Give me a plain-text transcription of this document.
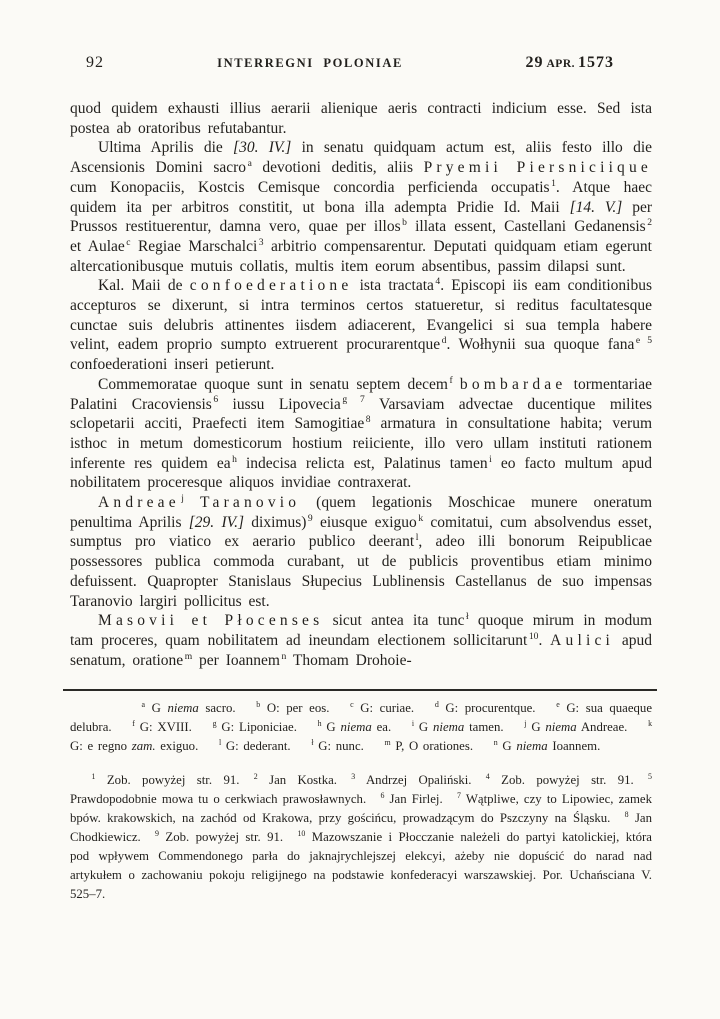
92	INTERREGNI POLONIAE	29 APR. 1573

quod quidem exhausti illius aerarii alienique aeris contracti indicium esse. Sed ista postea ab oratoribus refutabantur.

Ultima Aprilis die [30. IV.] in senatu quidquam actum est, aliis festo illo die Ascensionis Domini sacro $^a$ devotioni deditis, aliis Pryemii Piersniciique cum Konopaciis, Kostcis Cemisque concordia perficienda occupatis $^1$. Atque haec quidem ita per arbitros constitit, ut bona illa adempta Pridie Id. Maii [14. V.] per Prussos restituerentur, damna vero, quae per illos $^b$ illata essent, Castellani Gedanensis $^2$ et Aulae $^c$ Regiae Marschalci $^3$ arbitrio compensarentur. Deputati quidquam etiam egerunt altercationibusque mutuis collatis, multis item eorum absentibus, passim dilapsi sunt.

Kal. Maii de confoederatione ista tractata $^4$. Episcopi iis eam conditionibus accepturos se dixerunt, si intra terminos certos statueretur, si reditus facultatesque cunctae suis delubris attinentes iisdem adiacerent, Evangelici si sua templa habere velint, eadem proprio sumpto extruerent procurarentque $^d$. Wołhynii sua quoque fana $^{e 5}$ confoederationi inseri petierunt.

Commemoratae quoque sunt in senatu septem decem $^f$ bombardae tormentariae Palatini Cracoviensis $^6$ iussu Lipovecia $^{g 7}$ Varsaviam advectae ducentique milites sclopetarii acciti, Praefecti item Samogitiae $^8$ armatura in consultatione habita; verum isthoc in metum domesticorum hostium reiiciente, illo vero ullam instituti rationem inferente res quidem ea $^h$ indecisa relicta est, Palatinus tamen $^i$ eo facto multum apud nobilitatem proceresque aliquos invidiae contraxerat.

Andreae $^j$ Taranovio (quem legationis Moschicae munere oneratum penultima Aprilis [29. IV.] diximus) $^9$ eiusque exiguo $^k$ comitatui, cum absolvendus esset, sumptus pro viatico ex aerario publico deerant $^l$, adeo illi bonorum Reipublicae possessores publica commoda curabant, ut de publicis proventibus etiam minimo defuissent. Quapropter Stanislaus Słupecius Lublinensis Castellanus de suo impensas Taranovio largiri pollicitus est.

Masovii et Płocenses sicut antea ita tunc $^ł$ quoque mirum in modum tam proceres, quam nobilitatem ad ineundam electionem sollicitarunt $^{10}$. Aulici apud senatum, oratione $^m$ per Ioannem $^n$ Thomam Drohoie-

$^a$ G niema sacro.  $^b$ O: per eos.  $^c$ G: curiae.  $^d$ G: procurentque.  $^e$ G: sua quaeque delubra.  $^f$ G: XVIII.  $^g$ G: Liponiciae.  $^h$ G niema ea.  $^i$ G niema tamen.  $^j$ G niema Andreae.  $^k$ G: e regno zam. exiguo.  $^l$ G: dederant.  $^ł$ G: nunc.  $^m$ P, O orationes.  $^n$ G niema Ioannem.

$^1$ Zob. powyżej str. 91. $^2$ Jan Kostka. $^3$ Andrzej Opaliński. $^4$ Zob. powyżej str. 91. $^5$ Prawdopodobnie mowa tu o cerkwiach prawosławnych. $^6$ Jan Firlej. $^7$ Wątpliwe, czy to Lipowiec, zamek bpów. krakowskich, na zachód od Krakowa, przy gościńcu, prowadzącym do Pszczyny na Śląsku. $^8$ Jan Chodkiewicz. $^9$ Zob. powyżej str. 91. $^{10}$ Mazowszanie i Płocczanie należeli do partyi katolickiej, która pod wpływem Commendonego parła do jaknajrychlejszej elekcyi, ażeby nie dopuścić do narad nad artykułem o zachowaniu pokoju religijnego na podstawie konfederacyi warszawskiej. Por. Uchańsciana V. 525–7.
